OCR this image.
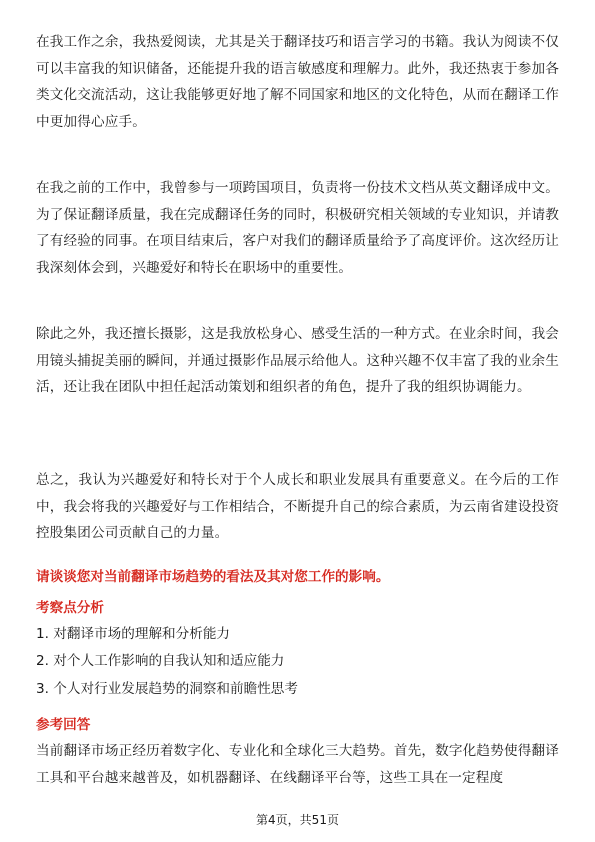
在我工作之余，我热爱阅读，尤其是关于翻译技巧和语言学习的书籍。我认为阅读不仅可以丰富我的知识储备，还能提升我的语言敏感度和理解力。此外，我还热衷于参加各类文化交流活动，这让我能够更好地了解不同国家和地区的文化特色，从而在翻译工作中更加得心应手。

在我之前的工作中，我曾参与一项跨国项目，负责将一份技术文档从英文翻译成中文。为了保证翻译质量，我在完成翻译任务的同时，积极研究相关领域的专业知识，并请教了有经验的同事。在项目结束后，客户对我们的翻译质量给予了高度评价。这次经历让我深刻体会到，兴趣爱好和特长在职场中的重要性。

除此之外，我还擅长摄影，这是我放松身心、感受生活的一种方式。在业余时间，我会用镜头捕捉美丽的瞬间，并通过摄影作品展示给他人。这种兴趣不仅丰富了我的业余生活，还让我在团队中担任起活动策划和组织者的角色，提升了我的组织协调能力。

总之，我认为兴趣爱好和特长对于个人成长和职业发展具有重要意义。在今后的工作中，我会将我的兴趣爱好与工作相结合，不断提升自己的综合素质，为云南省建设投资控股集团公司贡献自己的力量。

请谈谈您对当前翻译市场趋势的看法及其对您工作的影响。

考察点分析

1. 对翻译市场的理解和分析能力

2. 对个人工作影响的自我认知和适应能力

3. 个人对行业发展趋势的洞察和前瞻性思考

参考回答

当前翻译市场正经历着数字化、专业化和全球化三大趋势。首先，数字化趋势使得翻译工具和平台越来越普及，如机器翻译、在线翻译平台等，这些工具在一定程度

第4页，共51页
